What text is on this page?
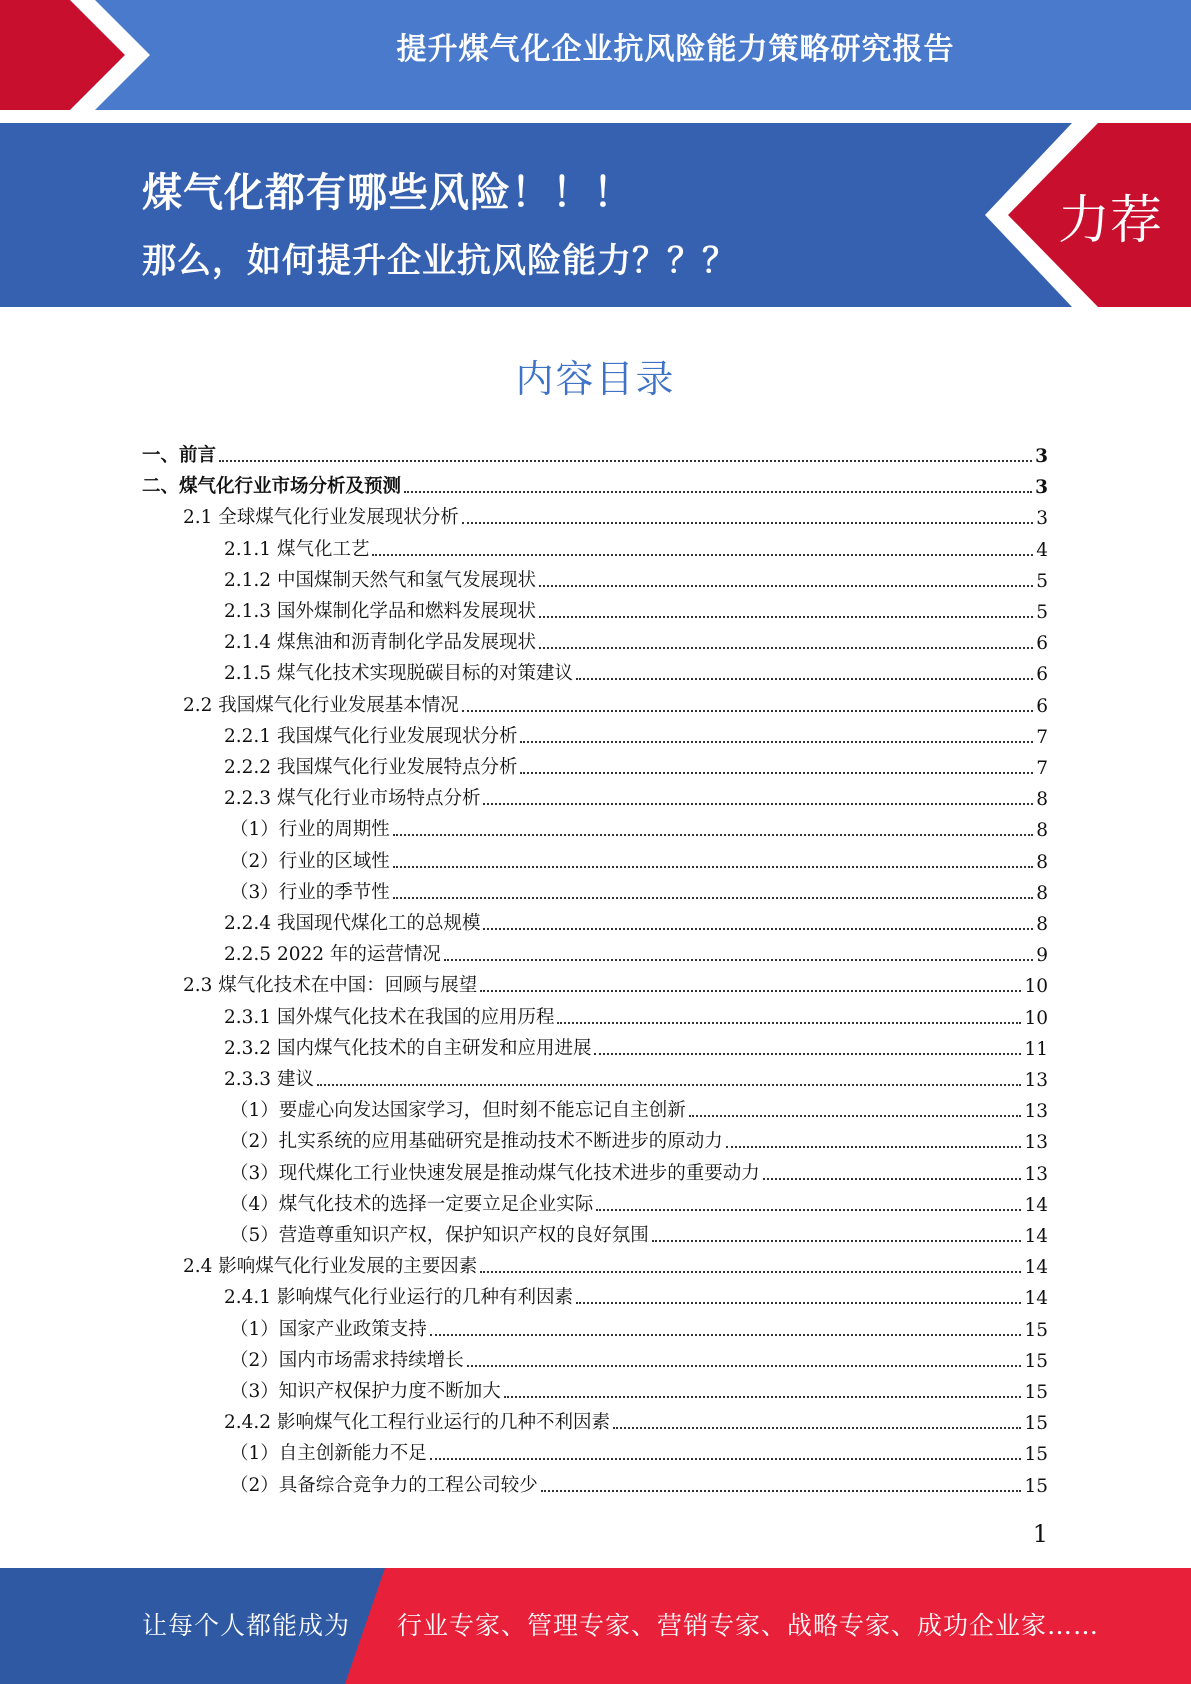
提升煤气化企业抗风险能力策略研究报告
煤气化都有哪些风险！！！
那么，如何提升企业抗风险能力？？？
力荐
内容目录
一、前言	3
二、煤气化行业市场分析及预测	3
2.1 全球煤气化行业发展现状分析	3
2.1.1 煤气化工艺	4
2.1.2 中国煤制天然气和氢气发展现状	5
2.1.3 国外煤制化学品和燃料发展现状	5
2.1.4 煤焦油和沥青制化学品发展现状	6
2.1.5 煤气化技术实现脱碳目标的对策建议	6
2.2 我国煤气化行业发展基本情况	6
2.2.1 我国煤气化行业发展现状分析	7
2.2.2 我国煤气化行业发展特点分析	7
2.2.3 煤气化行业市场特点分析	8
（1）行业的周期性	8
（2）行业的区域性	8
（3）行业的季节性	8
2.2.4 我国现代煤化工的总规模	8
2.2.5 2022 年的运营情况	9
2.3 煤气化技术在中国：回顾与展望	10
2.3.1 国外煤气化技术在我国的应用历程	10
2.3.2 国内煤气化技术的自主研发和应用进展	11
2.3.3 建议	13
（1）要虚心向发达国家学习，但时刻不能忘记自主创新	13
（2）扎实系统的应用基础研究是推动技术不断进步的原动力	13
（3）现代煤化工行业快速发展是推动煤气化技术进步的重要动力	13
（4）煤气化技术的选择一定要立足企业实际	14
（5）营造尊重知识产权，保护知识产权的良好氛围	14
2.4 影响煤气化行业发展的主要因素	14
2.4.1 影响煤气化行业运行的几种有利因素	14
（1）国家产业政策支持	15
（2）国内市场需求持续增长	15
（3）知识产权保护力度不断加大	15
2.4.2 影响煤气化工程行业运行的几种不利因素	15
（1）自主创新能力不足	15
（2）具备综合竞争力的工程公司较少	15
1
让每个人都能成为 行业专家、管理专家、营销专家、战略专家、成功企业家……
